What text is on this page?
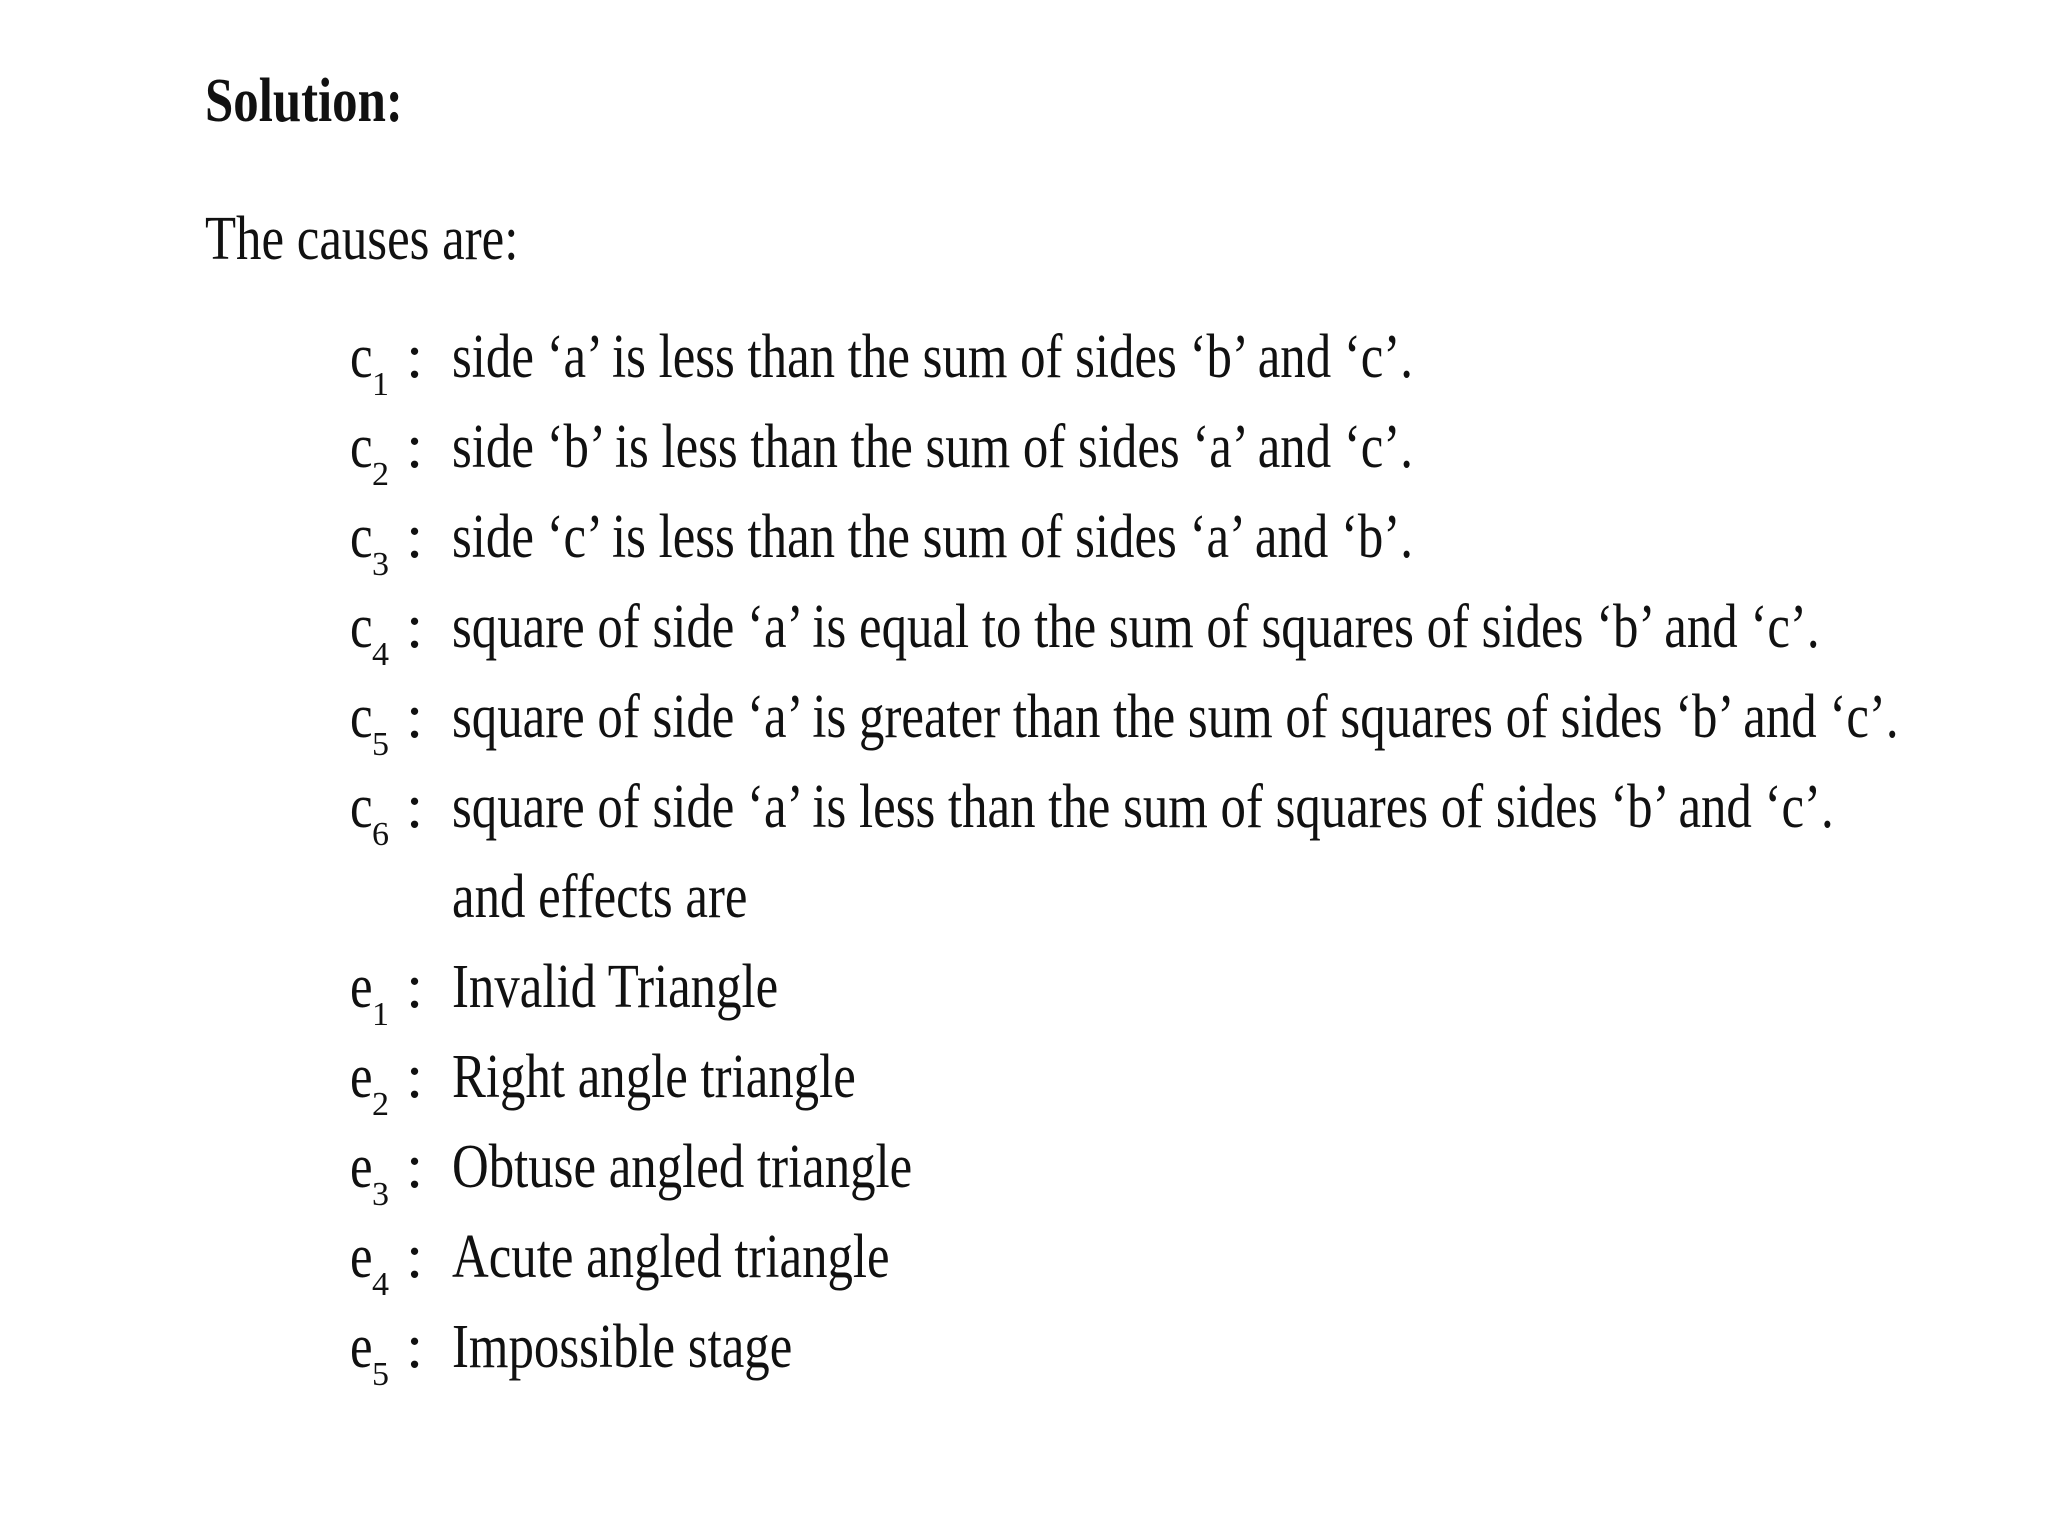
Solution:
The causes are:
c 1 : side ‘a’ is less than the sum of sides ‘b’ and ‘c’.
c 2 : side ‘b’ is less than the sum of sides ‘a’ and ‘c’.
c 3 : side ‘c’ is less than the sum of sides ‘a’ and ‘b’.
c 4 : square of side ‘a’ is equal to the sum of squares of sides ‘b’ and ‘c’.
c 5 : square of side ‘a’ is greater than the sum of squares of sides ‘b’ and ‘c’.
c 6 : square of side ‘a’ is less than the sum of squares of sides ‘b’ and ‘c’.
and effects are
e 1 : Invalid Triangle
e 2 : Right angle triangle
e 3 : Obtuse angled triangle
e 4 : Acute angled triangle
e 5 : Impossible stage
